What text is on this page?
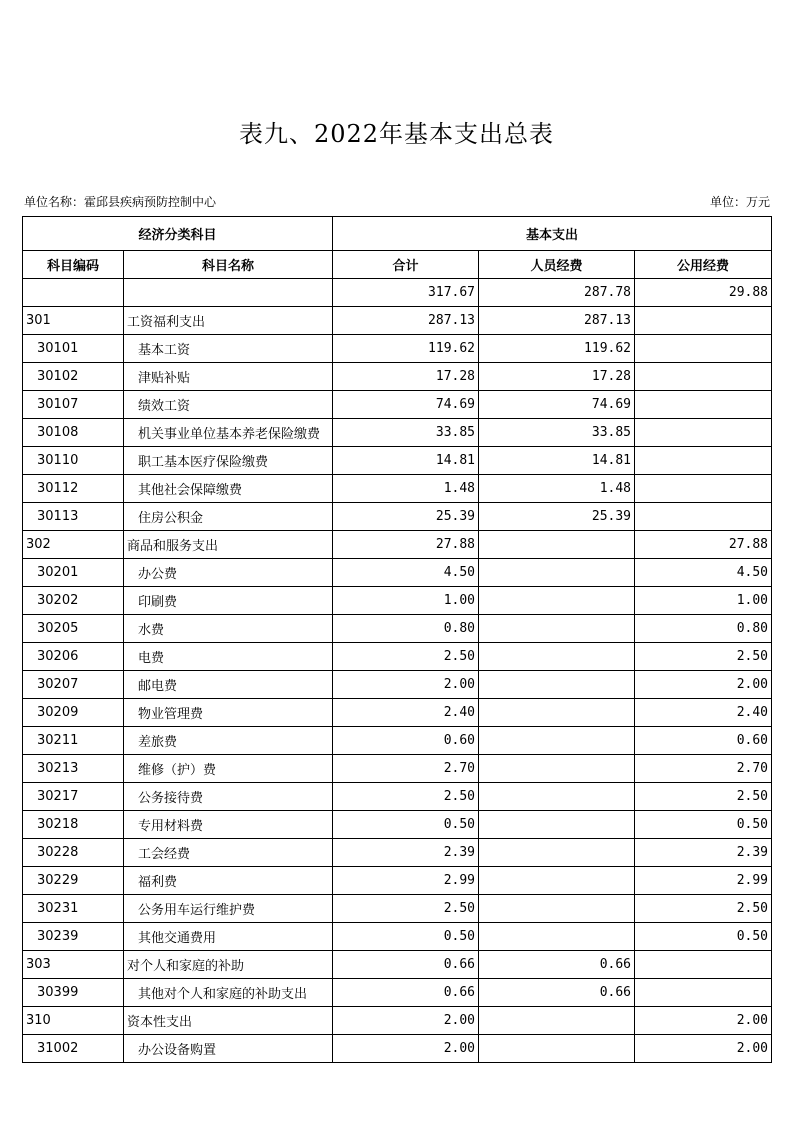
表九、2022年基本支出总表
单位名称：霍邱县疾病预防控制中心	单位：万元
经济分类科目		基本支出		
科目编码	科目名称	合计	人员经费	公用经费
		317.67	287.78	29.88
301	工资福利支出	287.13	287.13	
30101	基本工资	119.62	119.62	
30102	津贴补贴	17.28	17.28	
30107	绩效工资	74.69	74.69	
30108	机关事业单位基本养老保险缴费	33.85	33.85	
30110	职工基本医疗保险缴费	14.81	14.81	
30112	其他社会保障缴费	1.48	1.48	
30113	住房公积金	25.39	25.39	
302	商品和服务支出	27.88		27.88
30201	办公费	4.50		4.50
30202	印刷费	1.00		1.00
30205	水费	0.80		0.80
30206	电费	2.50		2.50
30207	邮电费	2.00		2.00
30209	物业管理费	2.40		2.40
30211	差旅费	0.60		0.60
30213	维修（护）费	2.70		2.70
30217	公务接待费	2.50		2.50
30218	专用材料费	0.50		0.50
30228	工会经费	2.39		2.39
30229	福利费	2.99		2.99
30231	公务用车运行维护费	2.50		2.50
30239	其他交通费用	0.50		0.50
303	对个人和家庭的补助	0.66	0.66	
30399	其他对个人和家庭的补助支出	0.66	0.66	
310	资本性支出	2.00		2.00
31002	办公设备购置	2.00		2.00
